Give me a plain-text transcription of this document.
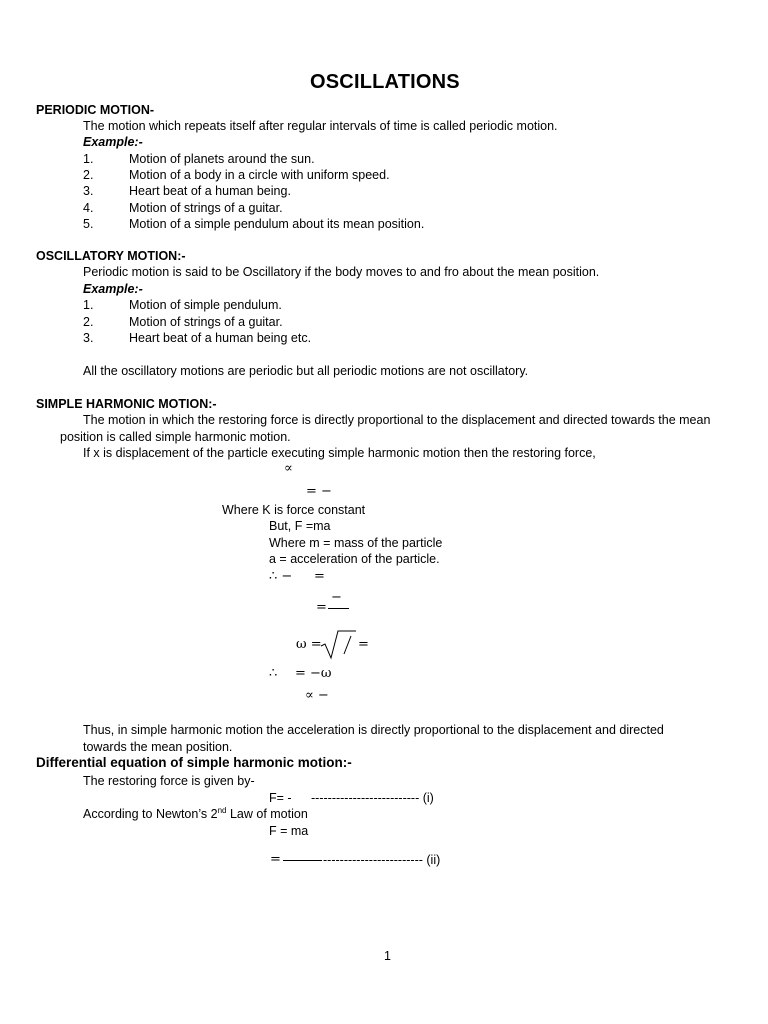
OSCILLATIONS
PERIODIC MOTION-
The motion which repeats itself after regular intervals of time is called periodic motion.
Example:-
1.	Motion of planets around the sun.
2.	Motion of a body in a circle with uniform speed.
3.	Heart beat of a human being.
4.	Motion of strings of a guitar.
5.	Motion of a simple pendulum about its mean position.
OSCILLATORY MOTION:-
Periodic motion is said to be Oscillatory if the body moves to and fro about the mean position.
Example:-
1.	Motion of simple pendulum.
2.	Motion of strings of a guitar.
3.	Heart beat of a human being etc.
All the oscillatory motions are periodic but all periodic motions are not oscillatory.
SIMPLE HARMONIC MOTION:-
The motion in which the restoring force is directly proportional to the displacement and directed towards the mean
position is called simple harmonic motion.
If x is displacement of the particle executing simple harmonic motion then the restoring force,
∝
= −
Where K is force constant
But, F =ma
Where m = mass of the particle
a = acceleration of the particle.
∴ − =
−
=
ω =	=
∴ = −ω
∝ −
Thus, in simple harmonic motion the acceleration is directly proportional to the displacement and directed
towards the mean position.
Differential equation of simple harmonic motion:-
The restoring force is given by-
F= - -------------------------- (i)
According to Newton’s 2nd Law of motion
F = ma
=	------------------------ (ii)
1
